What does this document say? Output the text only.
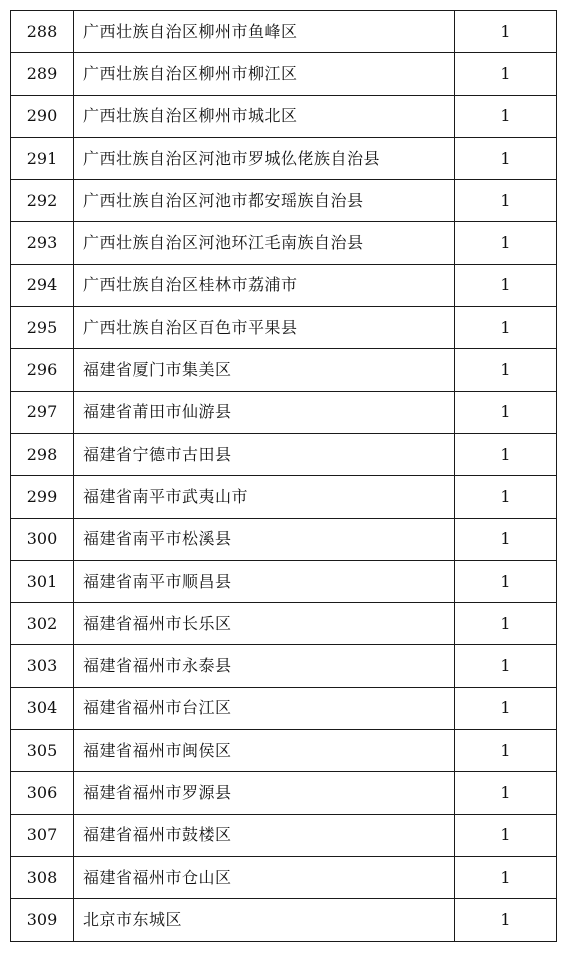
288	广西壮族自治区柳州市鱼峰区	1
289	广西壮族自治区柳州市柳江区	1
290	广西壮族自治区柳州市城北区	1
291	广西壮族自治区河池市罗城仫佬族自治县	1
292	广西壮族自治区河池市都安瑶族自治县	1
293	广西壮族自治区河池环江毛南族自治县	1
294	广西壮族自治区桂林市荔浦市	1
295	广西壮族自治区百色市平果县	1
296	福建省厦门市集美区	1
297	福建省莆田市仙游县	1
298	福建省宁德市古田县	1
299	福建省南平市武夷山市	1
300	福建省南平市松溪县	1
301	福建省南平市顺昌县	1
302	福建省福州市长乐区	1
303	福建省福州市永泰县	1
304	福建省福州市台江区	1
305	福建省福州市闽侯区	1
306	福建省福州市罗源县	1
307	福建省福州市鼓楼区	1
308	福建省福州市仓山区	1
309	北京市东城区	1
